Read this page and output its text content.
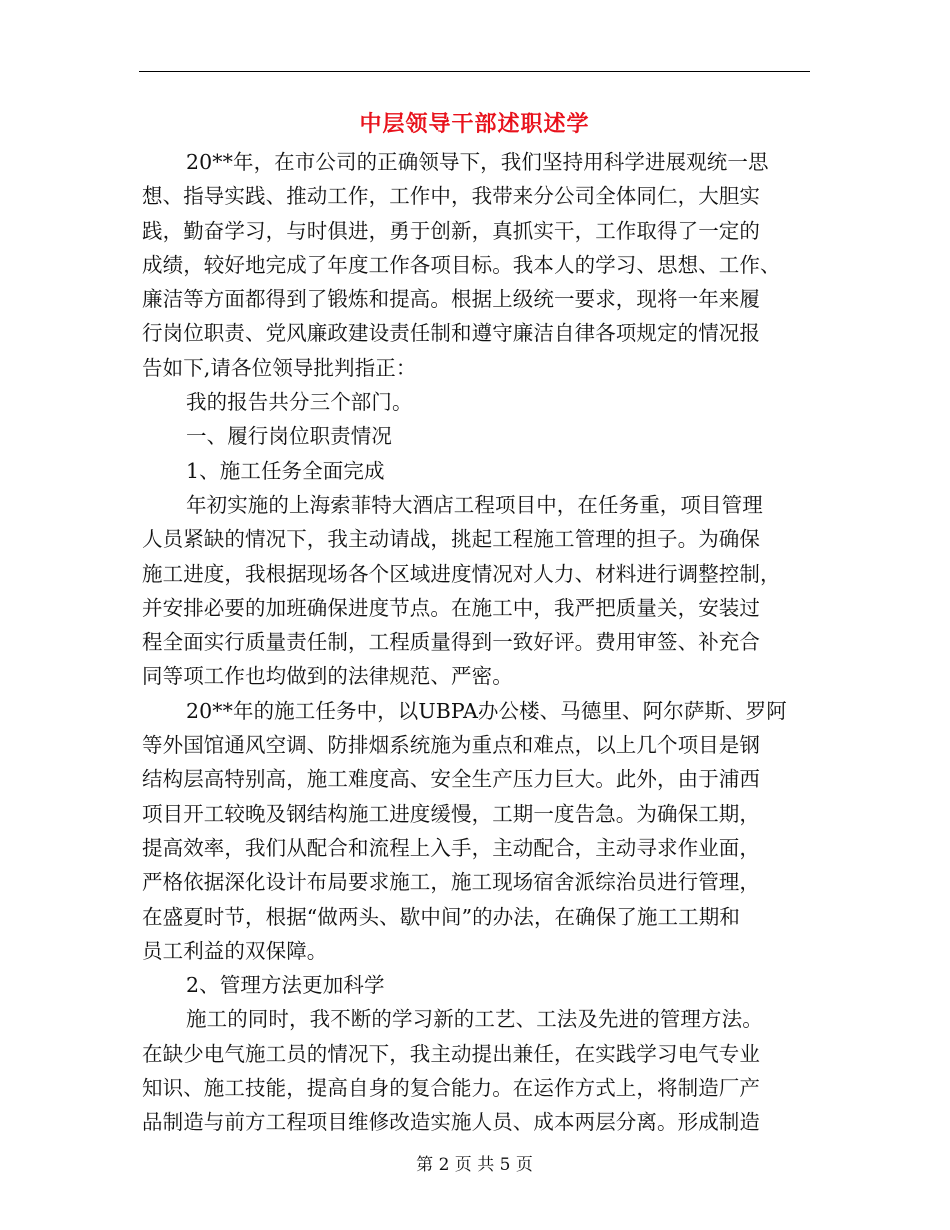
中层领导干部述职述学
20**年，在市公司的正确领导下，我们坚持用科学进展观统一思
想、指导实践、推动工作，工作中，我带来分公司全体同仁，大胆实
践，勤奋学习，与时俱进，勇于创新，真抓实干，工作取得了一定的
成绩，较好地完成了年度工作各项目标。我本人的学习、思想、工作、
廉洁等方面都得到了锻炼和提高。根据上级统一要求，现将一年来履
行岗位职责、党风廉政建设责任制和遵守廉洁自律各项规定的情况报
告如下,请各位领导批判指正：
我的报告共分三个部门。
一、履行岗位职责情况
1、施工任务全面完成
年初实施的上海索菲特大酒店工程项目中，在任务重，项目管理
人员紧缺的情况下，我主动请战，挑起工程施工管理的担子。为确保
施工进度，我根据现场各个区域进度情况对人力、材料进行调整控制，
并安排必要的加班确保进度节点。在施工中，我严把质量关，安装过
程全面实行质量责任制，工程质量得到一致好评。费用审签、补充合
同等项工作也均做到的法律规范、严密。
20**年的施工任务中，以UBPA办公楼、马德里、阿尔萨斯、罗阿
等外国馆通风空调、防排烟系统施为重点和难点，以上几个项目是钢
结构层高特别高，施工难度高、安全生产压力巨大。此外，由于浦西
项目开工较晚及钢结构施工进度缓慢，工期一度告急。为确保工期，
提高效率，我们从配合和流程上入手，主动配合，主动寻求作业面，
严格依据深化设计布局要求施工，施工现场宿舍派综治员进行管理，
在盛夏时节，根据“做两头、歇中间”的办法，在确保了施工工期和
员工利益的双保障。
2、管理方法更加科学
施工的同时，我不断的学习新的工艺、工法及先进的管理方法。
在缺少电气施工员的情况下，我主动提出兼任，在实践学习电气专业
知识、施工技能，提高自身的复合能力。在运作方式上，将制造厂产
品制造与前方工程项目维修改造实施人员、成本两层分离。形成制造
第 2 页 共 5 页
